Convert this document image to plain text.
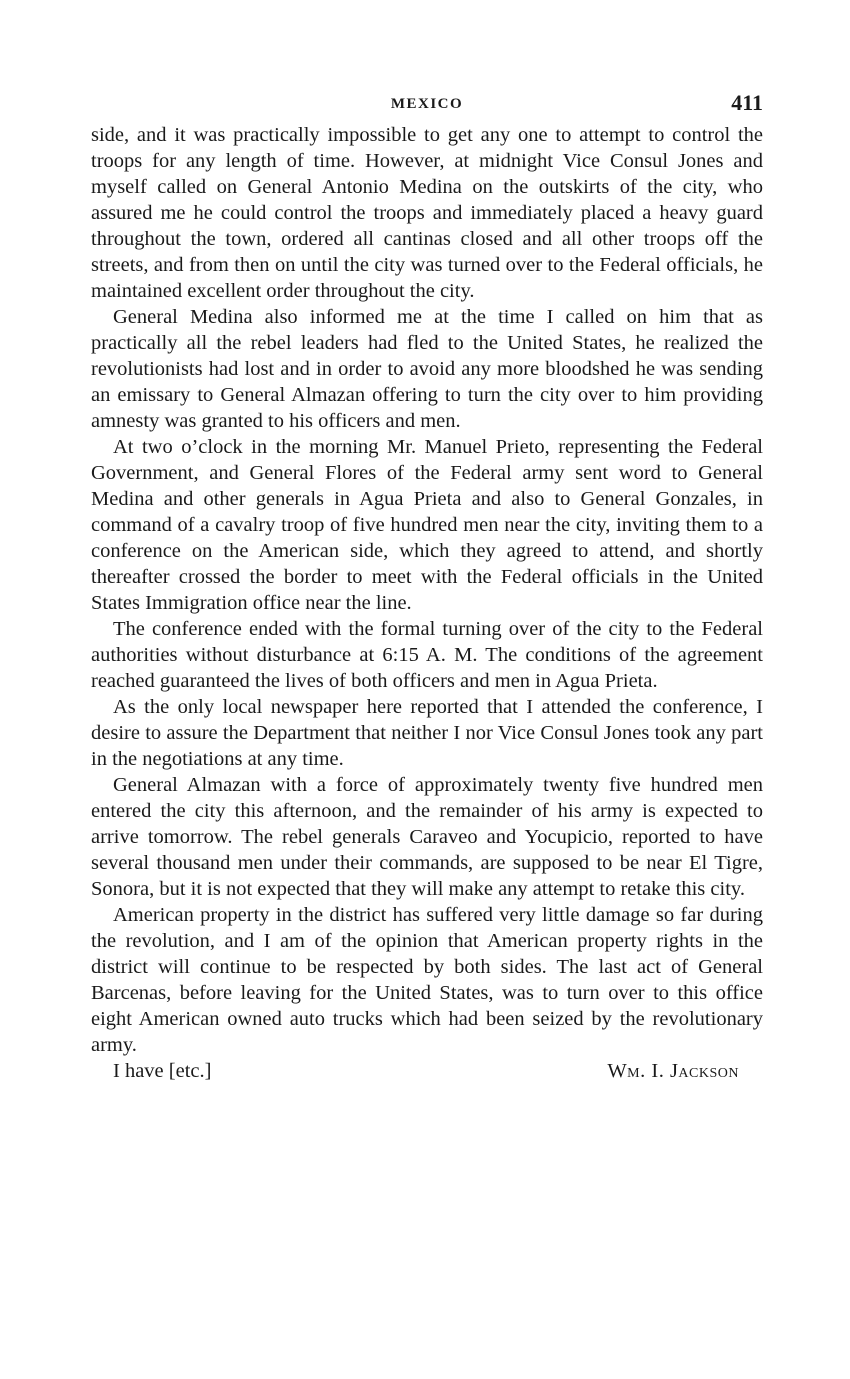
MEXICO	411

side, and it was practically impossible to get any one to attempt to control the troops for any length of time. However, at midnight Vice Consul Jones and myself called on General Antonio Medina on the outskirts of the city, who assured me he could control the troops and immediately placed a heavy guard throughout the town, ordered all cantinas closed and all other troops off the streets, and from then on until the city was turned over to the Federal officials, he maintained excellent order throughout the city.

General Medina also informed me at the time I called on him that as practically all the rebel leaders had fled to the United States, he realized the revolutionists had lost and in order to avoid any more bloodshed he was sending an emissary to General Almazan offering to turn the city over to him providing amnesty was granted to his officers and men.

At two o’clock in the morning Mr. Manuel Prieto, representing the Federal Government, and General Flores of the Federal army sent word to General Medina and other generals in Agua Prieta and also to General Gonzales, in command of a cavalry troop of five hundred men near the city, inviting them to a conference on the American side, which they agreed to attend, and shortly thereafter crossed the border to meet with the Federal officials in the United States Immigration office near the line.

The conference ended with the formal turning over of the city to the Federal authorities without disturbance at 6:15 A. M. The conditions of the agreement reached guaranteed the lives of both officers and men in Agua Prieta.

As the only local newspaper here reported that I attended the conference, I desire to assure the Department that neither I nor Vice Consul Jones took any part in the negotiations at any time.

General Almazan with a force of approximately twenty five hundred men entered the city this afternoon, and the remainder of his army is expected to arrive tomorrow. The rebel generals Caraveo and Yocupicio, reported to have several thousand men under their commands, are supposed to be near El Tigre, Sonora, but it is not expected that they will make any attempt to retake this city.

American property in the district has suffered very little damage so far during the revolution, and I am of the opinion that American property rights in the district will continue to be respected by both sides. The last act of General Barcenas, before leaving for the United States, was to turn over to this office eight American owned auto trucks which had been seized by the revolutionary army.

I have [etc.]	Wm. I. Jackson
